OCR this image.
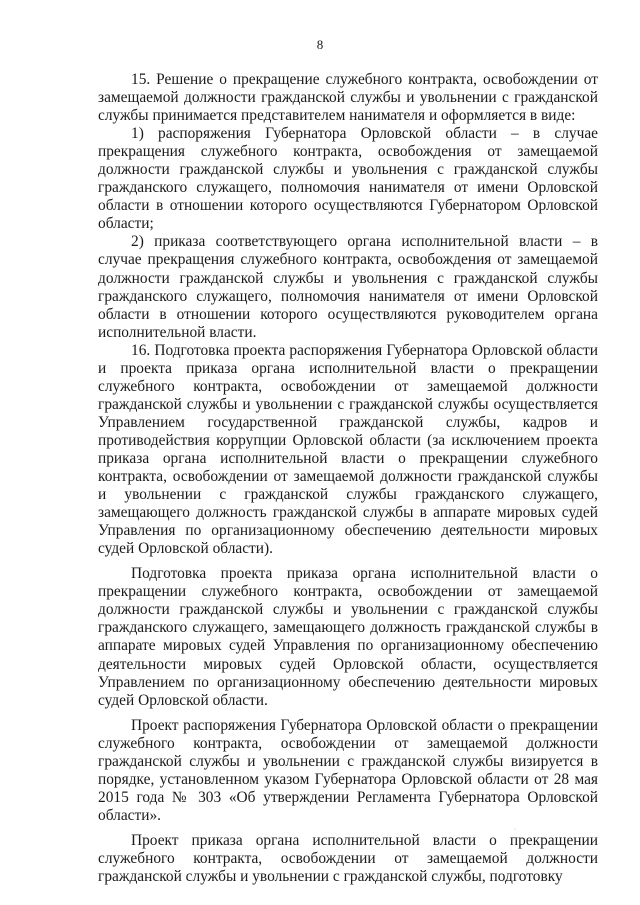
8

15. Решение о прекращение служебного контракта, освобождении от замещаемой должности гражданской службы и увольнении с гражданской службы принимается представителем нанимателя и оформляется в виде:

1) распоряжения Губернатора Орловской области – в случае прекращения служебного контракта, освобождения от замещаемой должности гражданской службы и увольнения с гражданской службы гражданского служащего, полномочия нанимателя от имени Орловской области в отношении которого осуществляются Губернатором Орловской области;

2) приказа соответствующего органа исполнительной власти – в случае прекращения служебного контракта, освобождения от замещаемой должности гражданской службы и увольнения с гражданской службы гражданского служащего, полномочия нанимателя от имени Орловской области в отношении которого осуществляются руководителем органа исполнительной власти.

16. Подготовка проекта распоряжения Губернатора Орловской области и проекта приказа органа исполнительной власти о прекращении служебного контракта, освобождении от замещаемой должности гражданской службы и увольнении с гражданской службы осуществляется Управлением государственной гражданской службы, кадров и противодействия коррупции Орловской области (за исключением проекта приказа органа исполнительной власти о прекращении служебного контракта, освобождении от замещаемой должности гражданской службы и увольнении с гражданской службы гражданского служащего, замещающего должность гражданской службы в аппарате мировых судей Управления по организационному обеспечению деятельности мировых судей Орловской области).

Подготовка проекта приказа органа исполнительной власти о прекращении служебного контракта, освобождении от замещаемой должности гражданской службы и увольнении с гражданской службы гражданского служащего, замещающего должность гражданской службы в аппарате мировых судей Управления по организационному обеспечению деятельности мировых судей Орловской области, осуществляется Управлением по организационному обеспечению деятельности мировых судей Орловской области.

Проект распоряжения Губернатора Орловской области о прекращении служебного контракта, освобождении от замещаемой должности гражданской службы и увольнении с гражданской службы визируется в порядке, установленном указом Губернатора Орловской области от 28 мая 2015 года № 303 «Об утверждении Регламента Губернатора Орловской области».

Проект приказа органа исполнительной власти о прекращении служебного контракта, освобождении от замещаемой должности гражданской службы и увольнении с гражданской службы, подготовку

·
